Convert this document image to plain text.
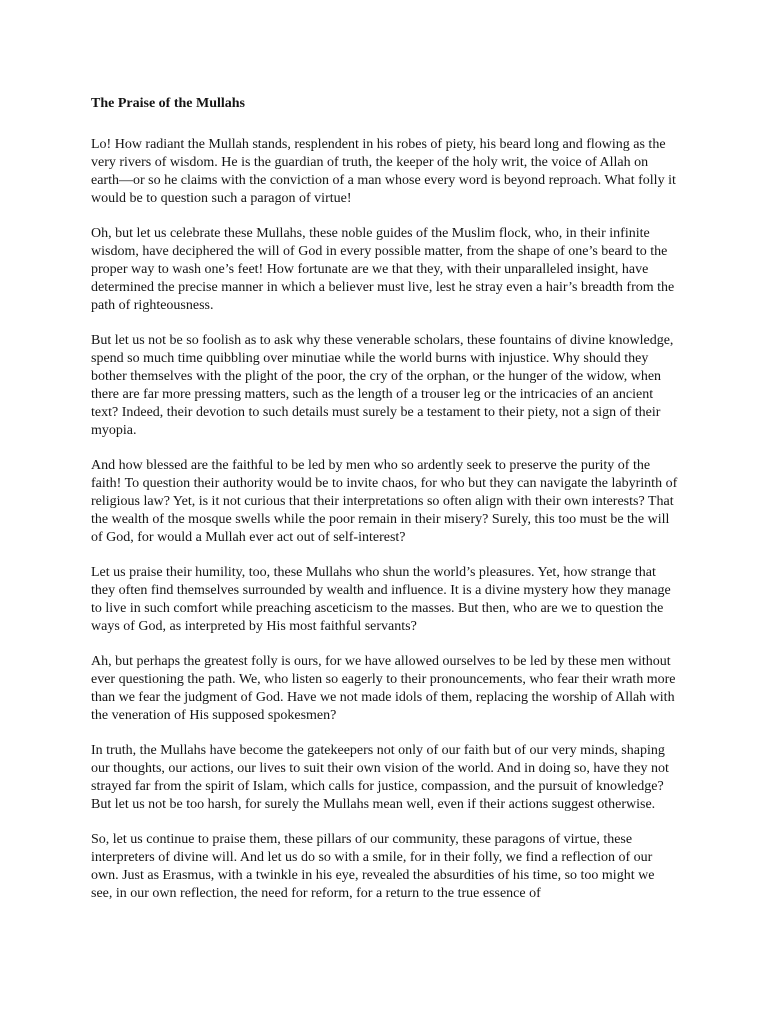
The Praise of the Mullahs

Lo! How radiant the Mullah stands, resplendent in his robes of piety, his beard long and flowing as the very rivers of wisdom. He is the guardian of truth, the keeper of the holy writ, the voice of Allah on earth—or so he claims with the conviction of a man whose every word is beyond reproach. What folly it would be to question such a paragon of virtue!

Oh, but let us celebrate these Mullahs, these noble guides of the Muslim flock, who, in their infinite wisdom, have deciphered the will of God in every possible matter, from the shape of one’s beard to the proper way to wash one’s feet! How fortunate are we that they, with their unparalleled insight, have determined the precise manner in which a believer must live, lest he stray even a hair’s breadth from the path of righteousness.

But let us not be so foolish as to ask why these venerable scholars, these fountains of divine knowledge, spend so much time quibbling over minutiae while the world burns with injustice. Why should they bother themselves with the plight of the poor, the cry of the orphan, or the hunger of the widow, when there are far more pressing matters, such as the length of a trouser leg or the intricacies of an ancient text? Indeed, their devotion to such details must surely be a testament to their piety, not a sign of their myopia.

And how blessed are the faithful to be led by men who so ardently seek to preserve the purity of the faith! To question their authority would be to invite chaos, for who but they can navigate the labyrinth of religious law? Yet, is it not curious that their interpretations so often align with their own interests? That the wealth of the mosque swells while the poor remain in their misery? Surely, this too must be the will of God, for would a Mullah ever act out of self-interest?

Let us praise their humility, too, these Mullahs who shun the world’s pleasures. Yet, how strange that they often find themselves surrounded by wealth and influence. It is a divine mystery how they manage to live in such comfort while preaching asceticism to the masses. But then, who are we to question the ways of God, as interpreted by His most faithful servants?

Ah, but perhaps the greatest folly is ours, for we have allowed ourselves to be led by these men without ever questioning the path. We, who listen so eagerly to their pronouncements, who fear their wrath more than we fear the judgment of God. Have we not made idols of them, replacing the worship of Allah with the veneration of His supposed spokesmen?

In truth, the Mullahs have become the gatekeepers not only of our faith but of our very minds, shaping our thoughts, our actions, our lives to suit their own vision of the world. And in doing so, have they not strayed far from the spirit of Islam, which calls for justice, compassion, and the pursuit of knowledge? But let us not be too harsh, for surely the Mullahs mean well, even if their actions suggest otherwise.

So, let us continue to praise them, these pillars of our community, these paragons of virtue, these interpreters of divine will. And let us do so with a smile, for in their folly, we find a reflection of our own. Just as Erasmus, with a twinkle in his eye, revealed the absurdities of his time, so too might we see, in our own reflection, the need for reform, for a return to the true essence of
